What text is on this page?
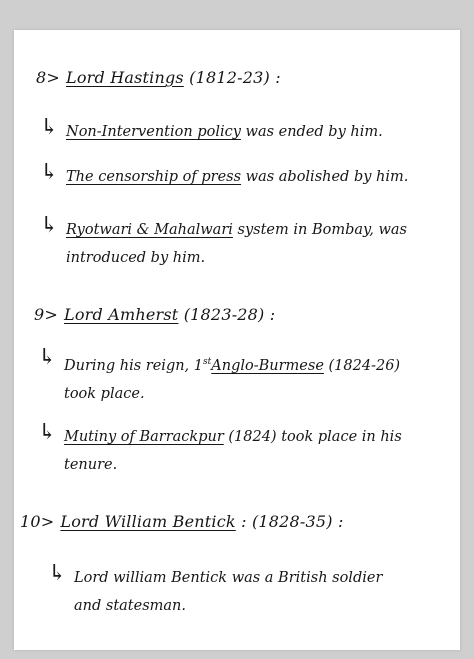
8> Lord Hastings (1812-23) :
↳ Non-Intervention policy was ended by him.
↳ The censorship of press was abolished by him.
↳ Ryotwari & Mahalwari system in Bombay, was
introduced by him.
9> Lord Amherst (1823-28) :
↳ During his reign, 1stAnglo-Burmese (1824-26)
took place.
↳ Mutiny of Barrackpur (1824) took place in his
tenure.
10> Lord William Bentick : (1828-35) :
↳ Lord william Bentick was a British soldier
and statesman.
